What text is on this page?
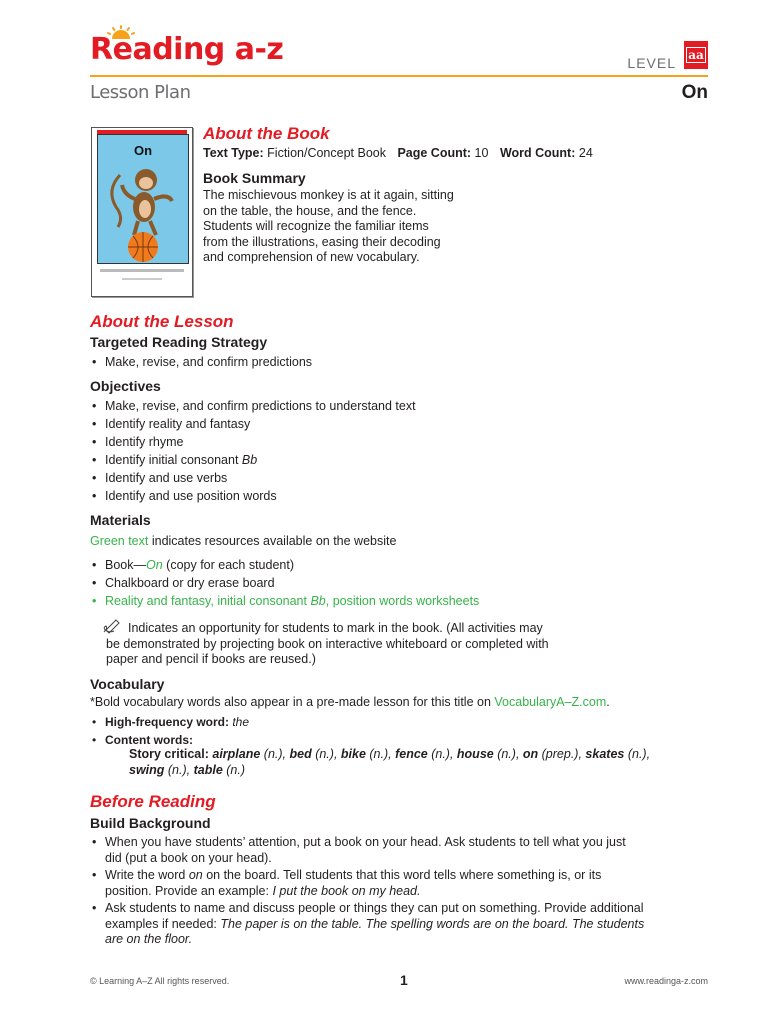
Reading a-z	LEVEL aa
Lesson Plan	On
On
About the Book
Text Type: Fiction/Concept Book Page Count: 10 Word Count: 24
Book Summary
The mischievous monkey is at it again, sitting
on the table, the house, and the fence.
Students will recognize the familiar items
from the illustrations, easing their decoding
and comprehension of new vocabulary.
About the Lesson
Targeted Reading Strategy
• Make, revise, and confirm predictions
Objectives
• Make, revise, and confirm predictions to understand text
• Identify reality and fantasy
• Identify rhyme
• Identify initial consonant Bb
• Identify and use verbs
• Identify and use position words
Materials
Green text indicates resources available on the website
• Book—On (copy for each student)
• Chalkboard or dry erase board
• Reality and fantasy, initial consonant Bb, position words worksheets
Indicates an opportunity for students to mark in the book. (All activities may
be demonstrated by projecting book on interactive whiteboard or completed with
paper and pencil if books are reused.)
Vocabulary
*Bold vocabulary words also appear in a pre-made lesson for this title on VocabularyA–Z.com.
• High-frequency word: the
• Content words:
Story critical: airplane (n.), bed (n.), bike (n.), fence (n.), house (n.), on (prep.), skates (n.),
swing (n.), table (n.)
Before Reading
Build Background
• When you have students’ attention, put a book on your head. Ask students to tell what you just
did (put a book on your head).
• Write the word on on the board. Tell students that this word tells where something is, or its
position. Provide an example: I put the book on my head.
• Ask students to name and discuss people or things they can put on something. Provide additional
examples if needed: The paper is on the table. The spelling words are on the board. The students
are on the floor.
© Learning A–Z All rights reserved.	1	www.readinga-z.com
